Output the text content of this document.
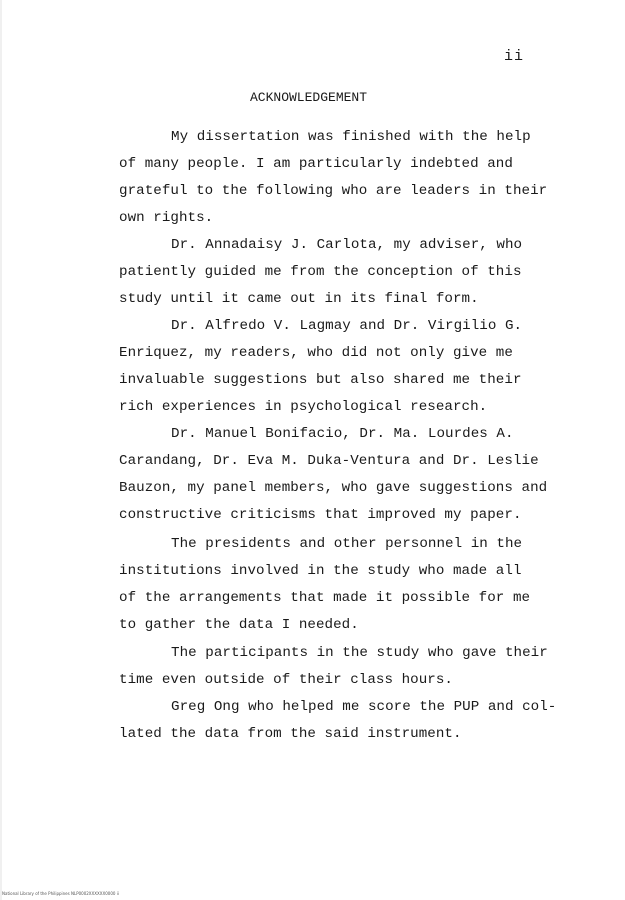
ii
ACKNOWLEDGEMENT
My dissertation was finished with the help
of many people. I am particularly indebted and
grateful to the following who are leaders in their
own rights.
Dr. Annadaisy J. Carlota, my adviser, who
patiently guided me from the conception of this
study until it came out in its final form.
Dr. Alfredo V. Lagmay and Dr. Virgilio G.
Enriquez, my readers, who did not only give me
invaluable suggestions but also shared me their
rich experiences in psychological research.
Dr. Manuel Bonifacio, Dr. Ma. Lourdes A.
Carandang, Dr. Eva M. Duka-Ventura and Dr. Leslie
Bauzon, my panel members, who gave suggestions and
constructive criticisms that improved my paper.
The presidents and other personnel in the
institutions involved in the study who made all
of the arrangements that made it possible for me
to gather the data I needed.
The participants in the study who gave their
time even outside of their class hours.
Greg Ong who helped me score the PUP and col-
lated the data from the said instrument.
National Library of the Philippines NLP0002XXXXXX0000 ii
